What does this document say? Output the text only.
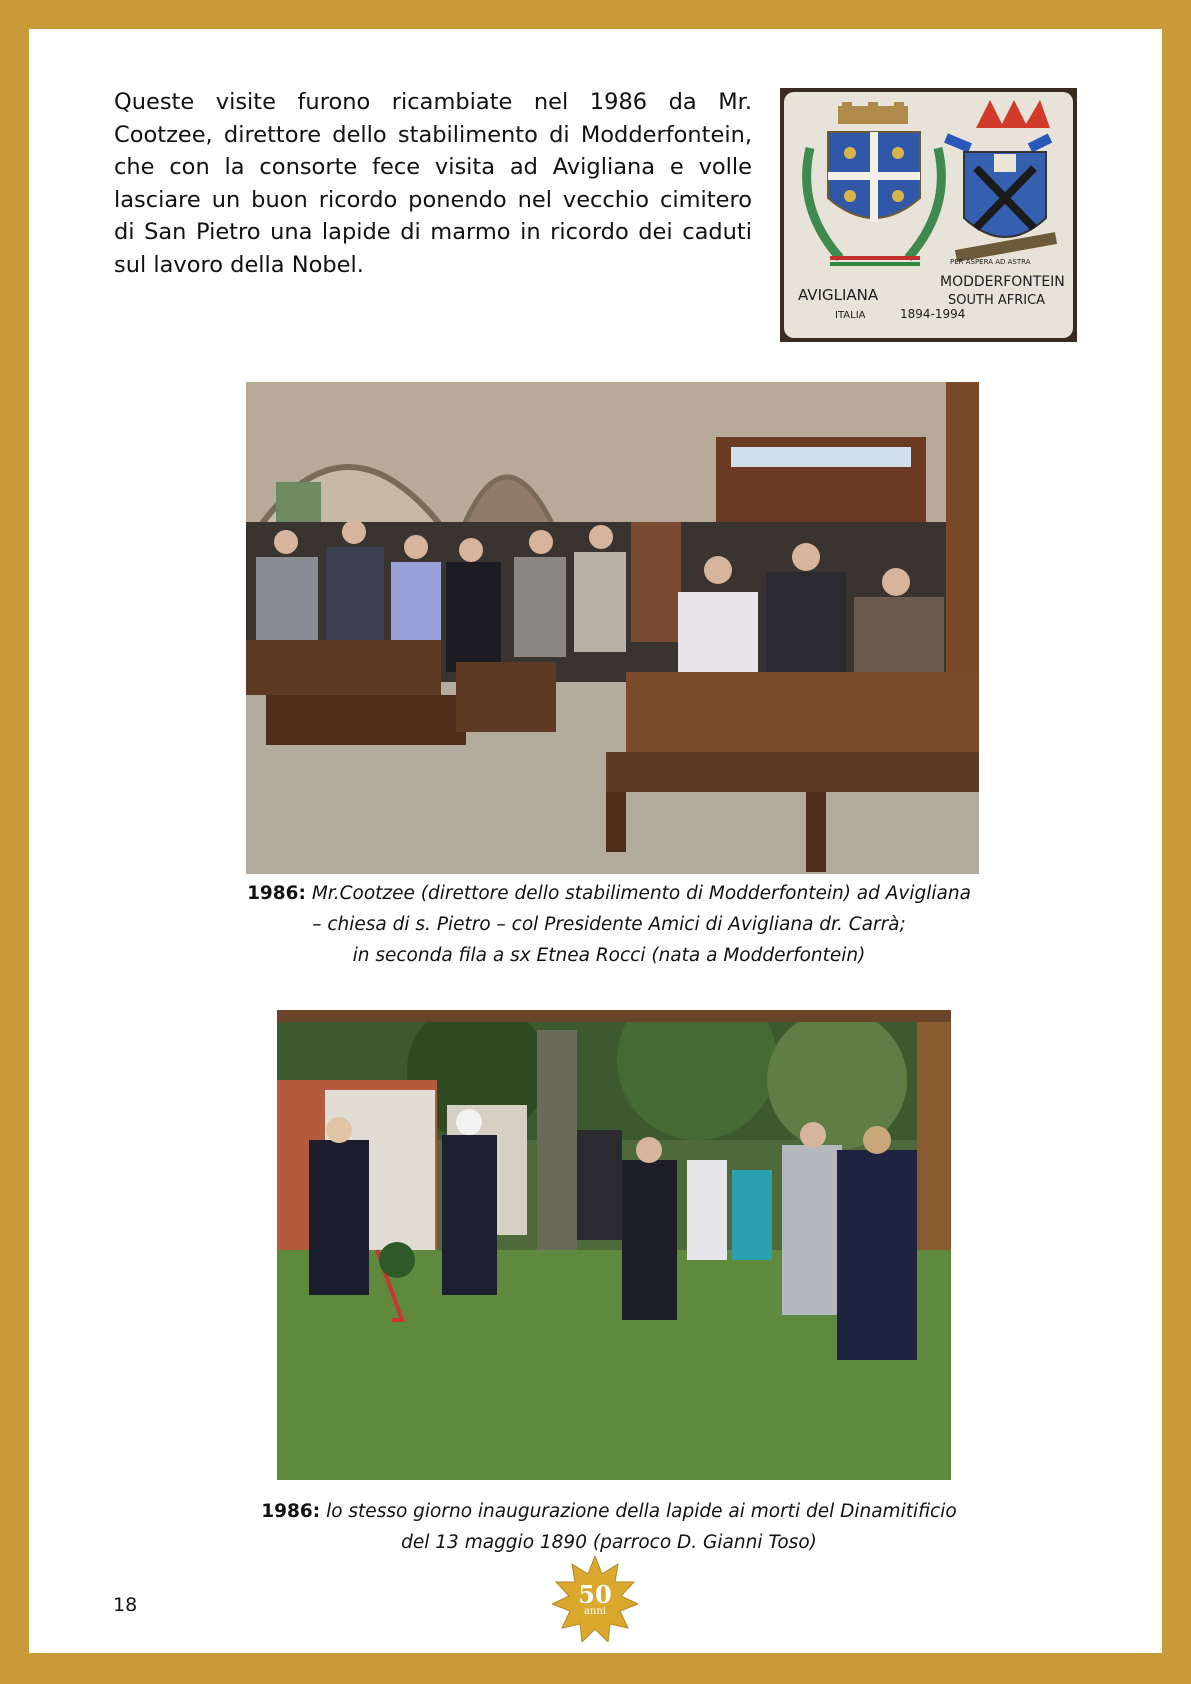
Queste visite furono ricambiate nel 1986 da Mr. Cootzee, direttore dello stabilimento di Modderfontein, che con la consorte fece visita ad Avigliana e volle lasciare un buon ricordo ponendo nel vecchio cimitero di San Pietro una lapide di marmo in ricordo dei caduti sul lavoro della Nobel.

AVIGLIANA
ITALIA	1894-1994
MODDERFONTEIN
SOUTH AFRICA
PER ASPERA AD ASTRA

1986: Mr.Cootzee (direttore dello stabilimento di Modderfontein) ad Avigliana
– chiesa di s. Pietro – col Presidente Amici di Avigliana dr. Carrà;
in seconda fila a sx Etnea Rocci (nata a Modderfontein)

1986: lo stesso giorno inaugurazione della lapide ai morti del Dinamitificio
del 13 maggio 1890 (parroco D. Gianni Toso)

18	50
anni
